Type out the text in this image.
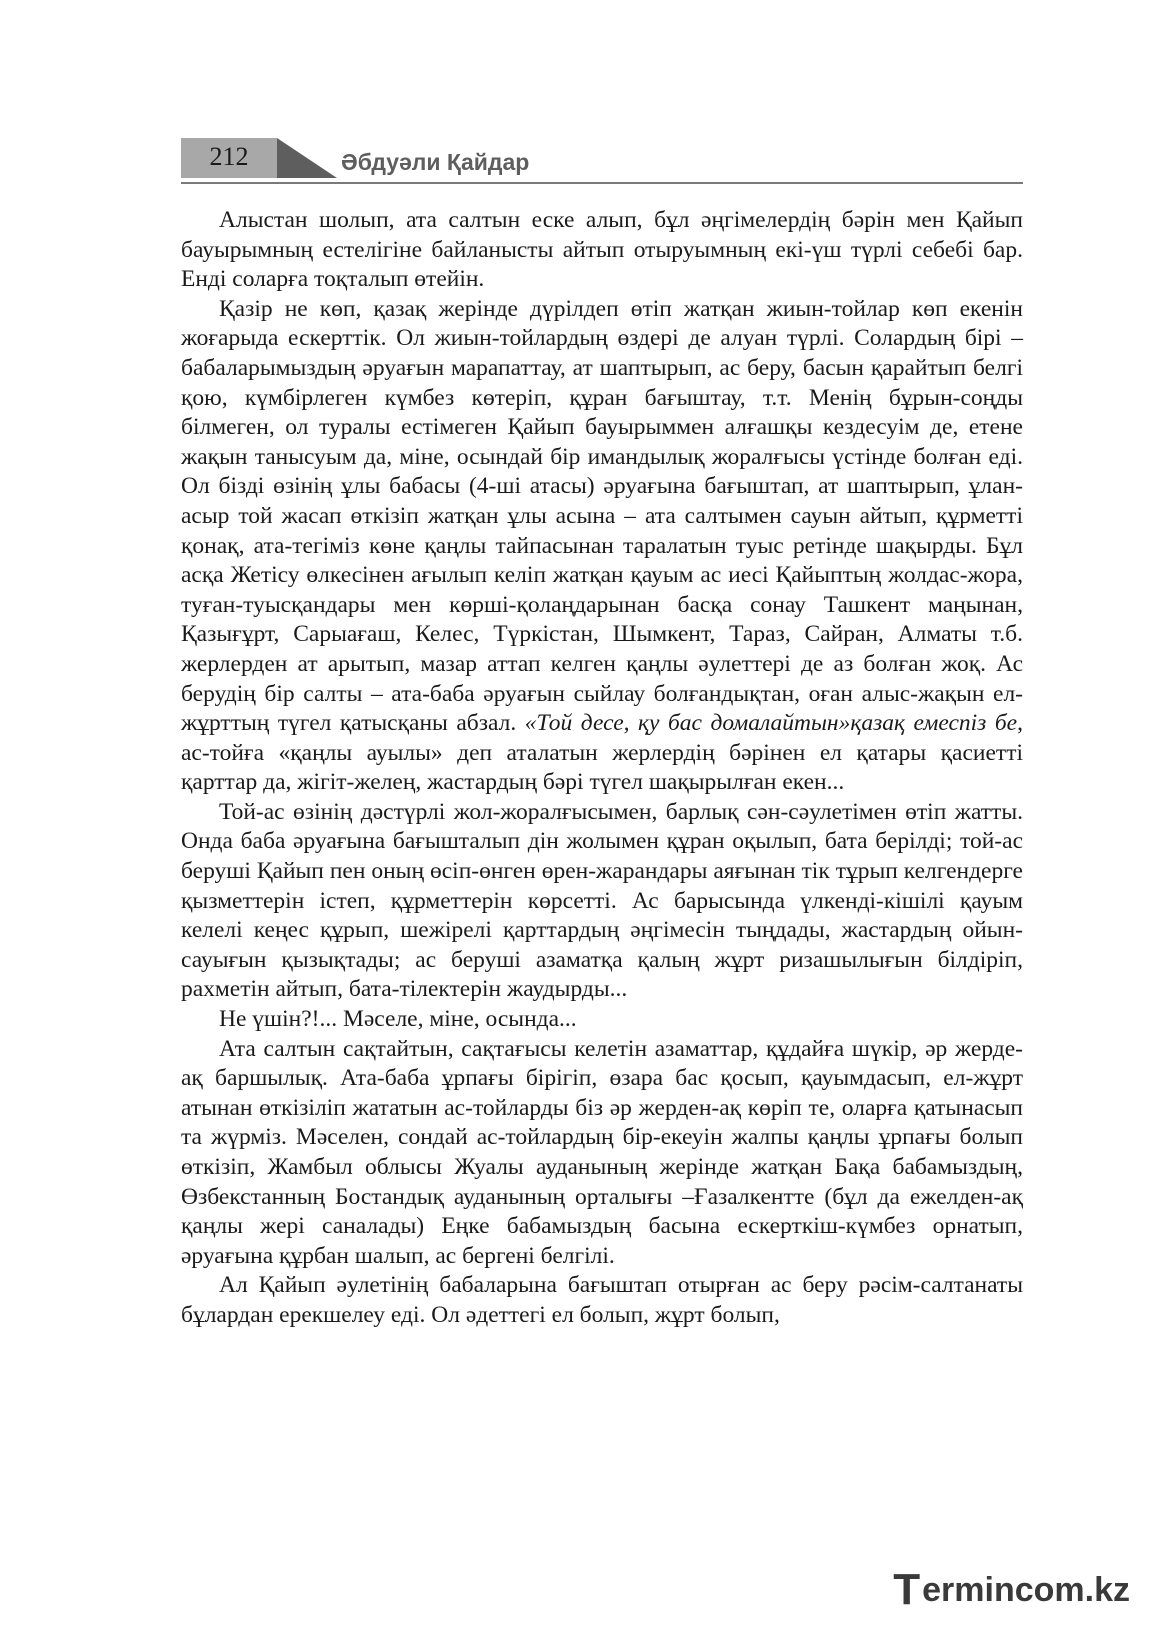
212	Әбдуәли Қайдар

Алыстан шолып, ата салтын еске алып, бұл әңгімелердің бәрін мен Қайып бауырымның естелігіне байланысты айтып отыруымның екі-үш түрлі себебі бар. Енді соларға тоқталып өтейін.

Қазір не көп, қазақ жерінде дүрілдеп өтіп жатқан жиын-тойлар көп екенін жоғарыда ескерттік. Ол жиын-тойлардың өздері де алуан түрлі. Солардың бірі – бабаларымыздың әруағын марапаттау, ат шаптырып, ас беру, басын қарайтып белгі қою, күмбірлеген күмбез көтеріп, құран бағыштау, т.т. Менің бұрын-соңды білмеген, ол туралы естімеген Қайып бауырыммен алғашқы кездесуім де, етене жақын танысуым да, міне, осындай бір имандылық жоралғысы үстінде болған еді. Ол бізді өзінің ұлы бабасы (4-ші атасы) әруағына бағыштап, ат шаптырып, ұлан-асыр той жасап өткізіп жатқан ұлы асына – ата салтымен сауын айтып, құрметті қонақ, ата-тегіміз көне қаңлы тайпасынан таралатын туыс ретінде шақырды. Бұл асқа Жетісу өлкесінен ағылып келіп жатқан қауым ас иесі Қайыптың жолдас-жора, туған-туысқандары мен көрші-қолаңдарынан басқа сонау Ташкент маңынан, Қазығұрт, Сарыағаш, Келес, Түркістан, Шымкент, Тараз, Сайран, Алматы т.б. жерлерден ат арытып, мазар аттап келген қаңлы әулеттері де аз болған жоқ. Ас берудің бір салты – ата-баба әруағын сыйлау болғандықтан, оған алыс-жақын ел-жұрттың түгел қатысқаны абзал. «Той десе, қу бас домалайтын»қазақ емеспіз бе, ас-тойға «қаңлы ауылы» деп аталатын жерлердің бәрінен ел қатары қасиетті қарттар да, жігіт-желең, жастардың бәрі түгел шақырылған екен...

Той-ас өзінің дәстүрлі жол-жоралғысымен, барлық сән-сәулетімен өтіп жатты. Онда баба әруағына бағышталып дін жолымен құран оқылып, бата берілді; той-ас беруші Қайып пен оның өсіп-өнген өрен-жарандары аяғынан тік тұрып келгендерге қызметтерін істеп, құрметтерін көрсетті. Ас барысында үлкенді-кішілі қауым келелі кеңес құрып, шежірелі қарттардың әңгімесін тыңдады, жастардың ойын-сауығын қызықтады; ас беруші азаматқа қалың жұрт ризашылығын білдіріп, рахметін айтып, бата-тілектерін жаудырды...

Не үшін?!... Мәселе, міне, осында...

Ата салтын сақтайтын, сақтағысы келетін азаматтар, құдайға шүкір, әр жерде-ақ баршылық. Ата-баба ұрпағы бірігіп, өзара бас қосып, қауымдасып, ел-жұрт атынан өткізіліп жататын ас-тойларды біз әр жерден-ақ көріп те, оларға қатынасып та жүрміз. Мәселен, сондай ас-тойлардың бір-екеуін жалпы қаңлы ұрпағы болып өткізіп, Жамбыл облысы Жуалы ауданының жерінде жатқан Бақа бабамыздың, Өзбекстанның Бостандық ауданының орталығы –Ғазалкентте (бұл да ежелден-ақ қаңлы жері саналады) Еңке бабамыздың басына ескерткіш-күмбез орнатып, әруағына құрбан шалып, ас бергені белгілі.

Ал Қайып әулетінің бабаларына бағыштап отырған ас беру рәсім-салтанаты бұлардан ерекшелеу еді. Ол әдеттегі ел болып, жұрт болып,

T ermincom.kz
